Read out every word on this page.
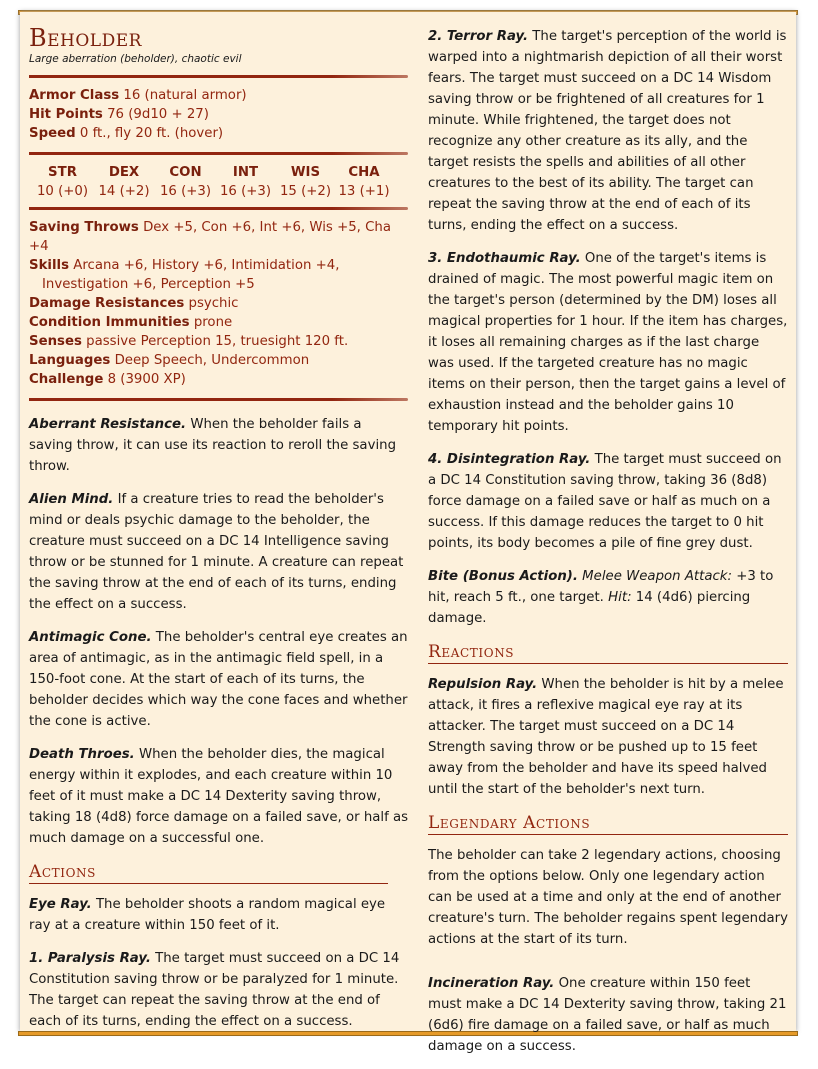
Beholder
Large aberration (beholder), chaotic evil
Armor Class 16 (natural armor)
Hit Points 76 (9d10 + 27)
Speed 0 ft., fly 20 ft. (hover)
STR	DEX	CON	INT	WIS	CHA
10 (+0)	14 (+2)	16 (+3)	16 (+3)	15 (+2)	13 (+1)
Saving Throws Dex +5, Con +6, Int +6, Wis +5, Cha +4
Skills Arcana +6, History +6, Intimidation +4, Investigation +6, Perception +5
Damage Resistances psychic
Condition Immunities prone
Senses passive Perception 15, truesight 120 ft.
Languages Deep Speech, Undercommon
Challenge 8 (3900 XP)

Aberrant Resistance. When the beholder fails a saving throw, it can use its reaction to reroll the saving throw.

Alien Mind. If a creature tries to read the beholder's mind or deals psychic damage to the beholder, the creature must succeed on a DC 14 Intelligence saving throw or be stunned for 1 minute. A creature can repeat the saving throw at the end of each of its turns, ending the effect on a success.

Antimagic Cone. The beholder's central eye creates an area of antimagic, as in the antimagic field spell, in a 150-foot cone. At the start of each of its turns, the beholder decides which way the cone faces and whether the cone is active.

Death Throes. When the beholder dies, the magical energy within it explodes, and each creature within 10 feet of it must make a DC 14 Dexterity saving throw, taking 18 (4d8) force damage on a failed save, or half as much damage on a successful one.

Actions

Eye Ray. The beholder shoots a random magical eye ray at a creature within 150 feet of it.

1. Paralysis Ray. The target must succeed on a DC 14 Constitution saving throw or be paralyzed for 1 minute. The target can repeat the saving throw at the end of each of its turns, ending the effect on a success.

2. Terror Ray. The target's perception of the world is warped into a nightmarish depiction of all their worst fears. The target must succeed on a DC 14 Wisdom saving throw or be frightened of all creatures for 1 minute. While frightened, the target does not recognize any other creature as its ally, and the target resists the spells and abilities of all other creatures to the best of its ability. The target can repeat the saving throw at the end of each of its turns, ending the effect on a success.

3. Endothaumic Ray. One of the target's items is drained of magic. The most powerful magic item on the target's person (determined by the DM) loses all magical properties for 1 hour. If the item has charges, it loses all remaining charges as if the last charge was used. If the targeted creature has no magic items on their person, then the target gains a level of exhaustion instead and the beholder gains 10 temporary hit points.

4. Disintegration Ray. The target must succeed on a DC 14 Constitution saving throw, taking 36 (8d8) force damage on a failed save or half as much on a success. If this damage reduces the target to 0 hit points, its body becomes a pile of fine grey dust.

Bite (Bonus Action). Melee Weapon Attack: +3 to hit, reach 5 ft., one target. Hit: 14 (4d6) piercing damage.

Reactions

Repulsion Ray. When the beholder is hit by a melee attack, it fires a reflexive magical eye ray at its attacker. The target must succeed on a DC 14 Strength saving throw or be pushed up to 15 feet away from the beholder and have its speed halved until the start of the beholder's next turn.

Legendary Actions

The beholder can take 2 legendary actions, choosing from the options below. Only one legendary action can be used at a time and only at the end of another creature's turn. The beholder regains spent legendary actions at the start of its turn.

Incineration Ray. One creature within 150 feet must make a DC 14 Dexterity saving throw, taking 21 (6d6) fire damage on a failed save, or half as much damage on a success.
